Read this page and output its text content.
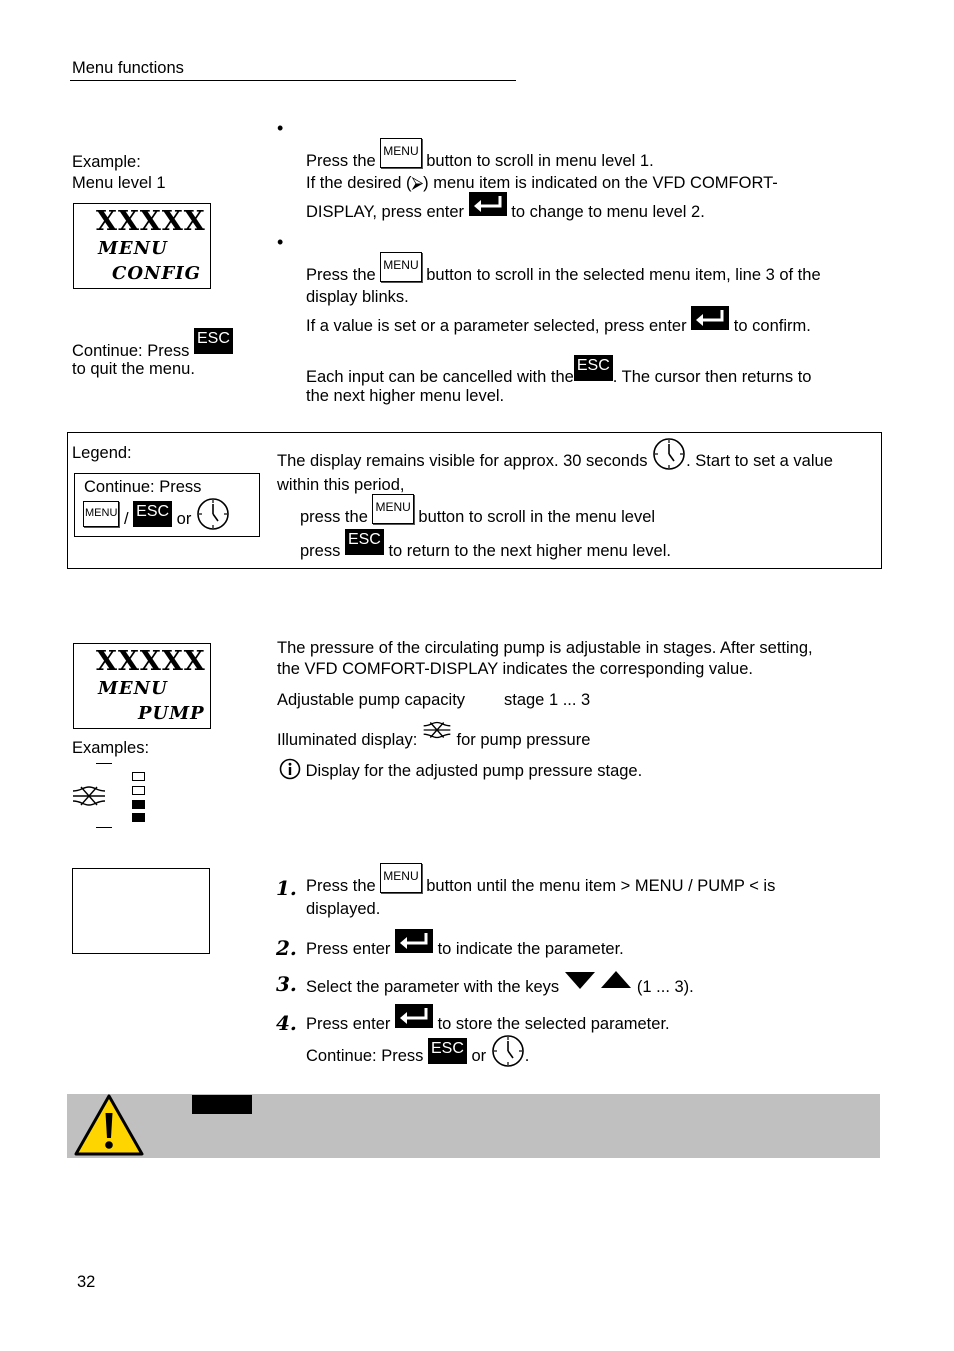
Menu functions
Example:
Menu level 1
XXXXX
MENU
CONFIG
Continue: Press ESC
to quit the menu.
•
Press the MENU button to scroll in menu level 1.
If the desired (⮚) menu item is indicated on the VFD COMFORT-
DISPLAY, press enter	to change to menu level 2.
•
Press the MENU button to scroll in the selected menu item, line 3 of the
display blinks.
If a value is set or a parameter selected, press enter	to confirm.
Each input can be cancelled with theESC. The cursor then returns to
the next higher menu level.
Legend:
Continue: Press
MENU / ESC or
The display remains visible for approx. 30 seconds . Start to set a value
within this period,
press the MENU button to scroll in the menu level
press ESC to return to the next higher menu level.
XXXXX
MENU
PUMP
Examples:
The pressure of the circulating pump is adjustable in stages. After setting,
the VFD COMFORT-DISPLAY indicates the corresponding value.
Adjustable pump capacity stage 1 ... 3
Illuminated display: for pump pressure
Display for the adjusted pump pressure stage.
1. Press the MENU button until the menu item > MENU / PUMP < is
displayed.
2. Press enter	to indicate the parameter.
3. Select the parameter with the keys	(1 ... 3).
4. Press enter	to store the selected parameter.
Continue: Press ESC or .
32
